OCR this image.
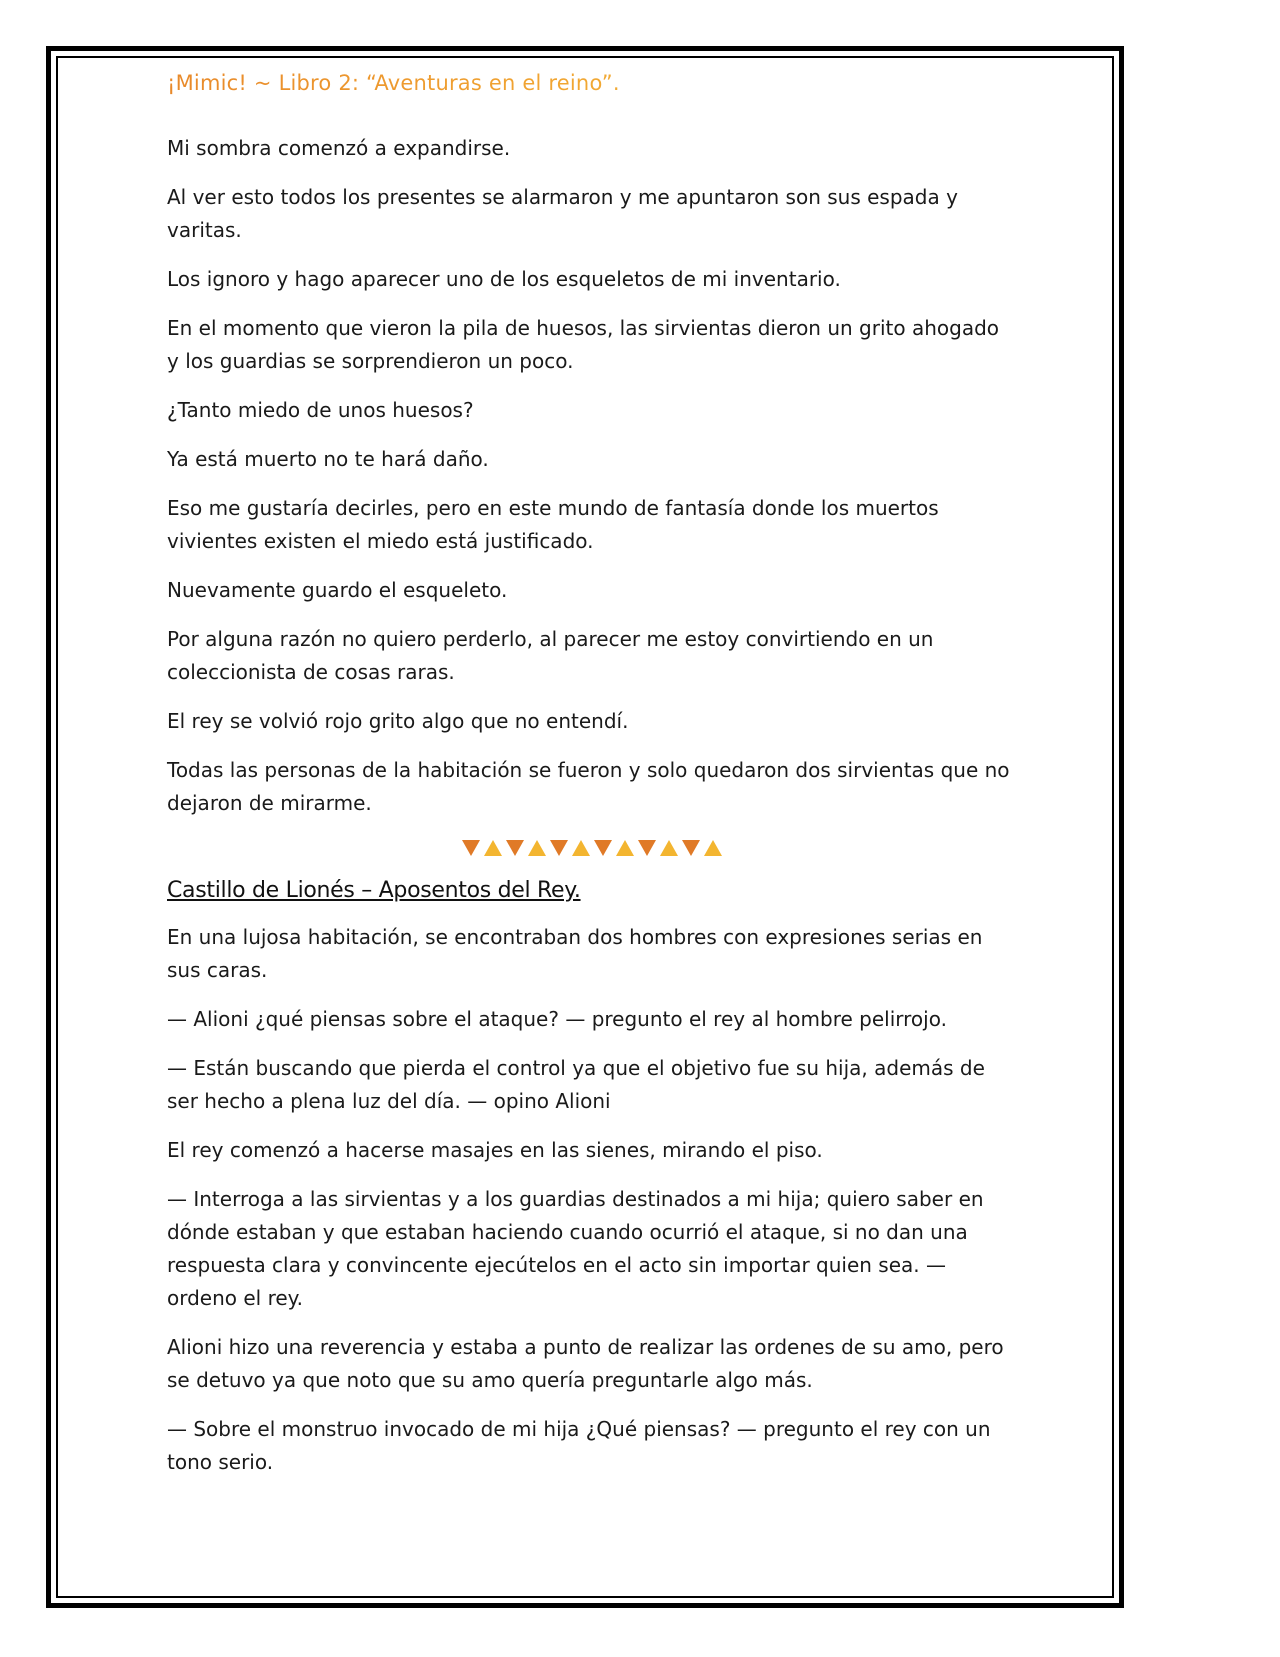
¡Mimic! ~ Libro 2: “Aventuras en el reino”.

Mi sombra comenzó a expandirse.

Al ver esto todos los presentes se alarmaron y me apuntaron son sus espada y varitas.

Los ignoro y hago aparecer uno de los esqueletos de mi inventario.

En el momento que vieron la pila de huesos, las sirvientas dieron un grito ahogado y los guardias se sorprendieron un poco.

¿Tanto miedo de unos huesos?

Ya está muerto no te hará daño.

Eso me gustaría decirles, pero en este mundo de fantasía donde los muertos vivientes existen el miedo está justificado.

Nuevamente guardo el esqueleto.

Por alguna razón no quiero perderlo, al parecer me estoy convirtiendo en un coleccionista de cosas raras.

El rey se volvió rojo grito algo que no entendí.

Todas las personas de la habitación se fueron y solo quedaron dos sirvientas que no dejaron de mirarme.

Castillo de Lionés – Aposentos del Rey.

En una lujosa habitación, se encontraban dos hombres con expresiones serias en sus caras.

— Alioni ¿qué piensas sobre el ataque? — pregunto el rey al hombre pelirrojo.

— Están buscando que pierda el control ya que el objetivo fue su hija, además de ser hecho a plena luz del día. — opino Alioni

El rey comenzó a hacerse masajes en las sienes, mirando el piso.

— Interroga a las sirvientas y a los guardias destinados a mi hija; quiero saber en dónde estaban y que estaban haciendo cuando ocurrió el ataque, si no dan una respuesta clara y convincente ejecútelos en el acto sin importar quien sea. — ordeno el rey.

Alioni hizo una reverencia y estaba a punto de realizar las ordenes de su amo, pero se detuvo ya que noto que su amo quería preguntarle algo más.

— Sobre el monstruo invocado de mi hija ¿Qué piensas? — pregunto el rey con un tono serio.
